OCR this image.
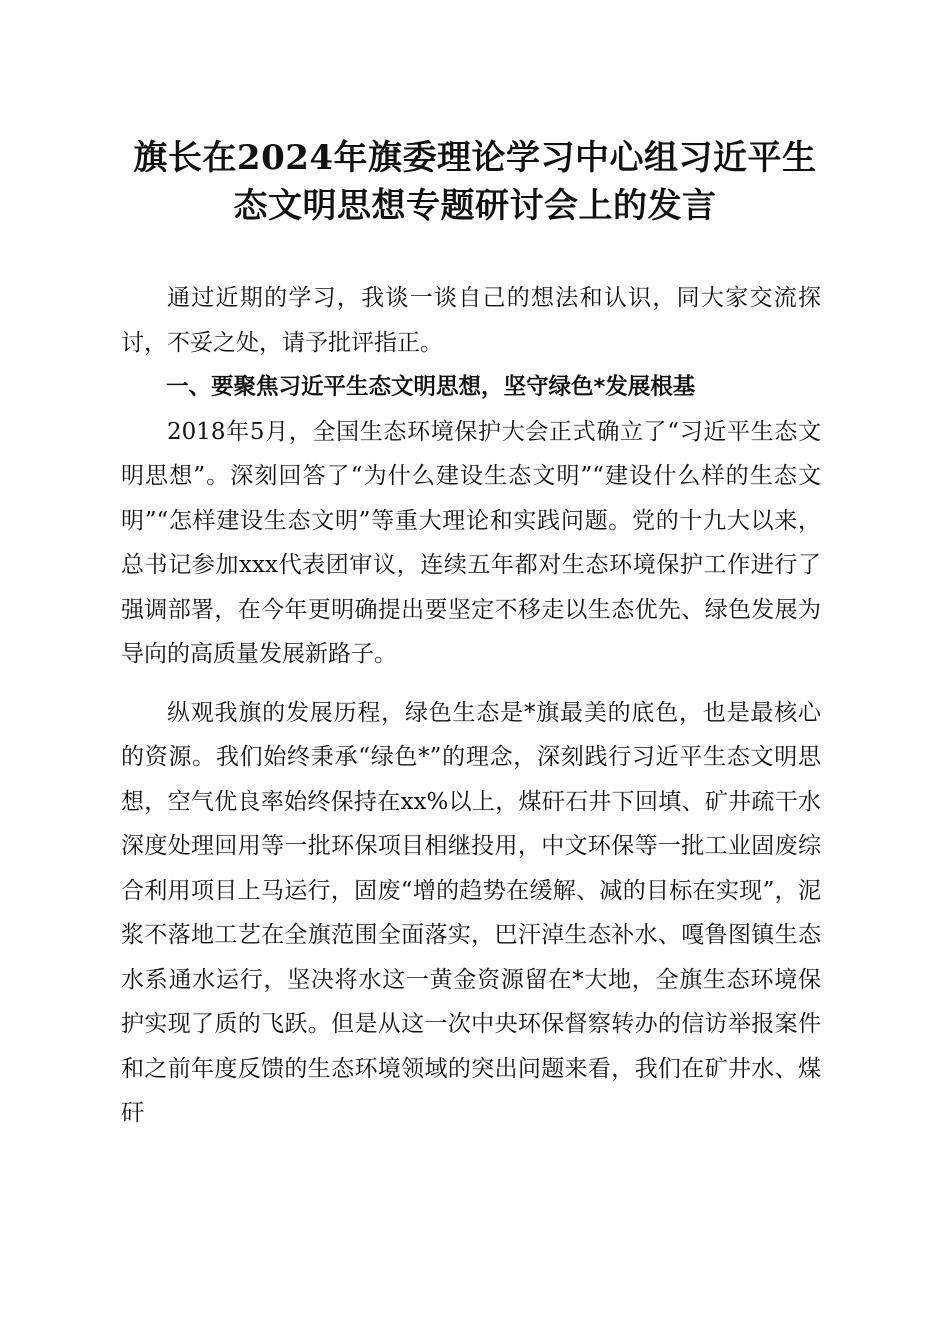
旗长在2024年旗委理论学习中心组习近平生
态文明思想专题研讨会上的发言

通过近期的学习，我谈一谈自己的想法和认识，同大家交流探讨，不妥之处，请予批评指正。

一、要聚焦习近平生态文明思想，坚守绿色*发展根基

2018年5月，全国生态环境保护大会正式确立了“习近平生态文明思想”。深刻回答了“为什么建设生态文明”“建设什么样的生态文明”“怎样建设生态文明”等重大理论和实践问题。党的十九大以来，总书记参加xxx代表团审议，连续五年都对生态环境保护工作进行了强调部署，在今年更明确提出要坚定不移走以生态优先、绿色发展为导向的高质量发展新路子。

纵观我旗的发展历程，绿色生态是*旗最美的底色，也是最核心的资源。我们始终秉承“绿色*”的理念，深刻践行习近平生态文明思想，空气优良率始终保持在xx%以上，煤矸石井下回填、矿井疏干水深度处理回用等一批环保项目相继投用，中文环保等一批工业固废综合利用项目上马运行，固废“增的趋势在缓解、减的目标在实现”，泥浆不落地工艺在全旗范围全面落实，巴汗淖生态补水、嘎鲁图镇生态水系通水运行，坚决将水这一黄金资源留在*大地，全旗生态环境保护实现了质的飞跃。但是从这一次中央环保督察转办的信访举报案件和之前年度反馈的生态环境领域的突出问题来看，我们在矿井水、煤矸
